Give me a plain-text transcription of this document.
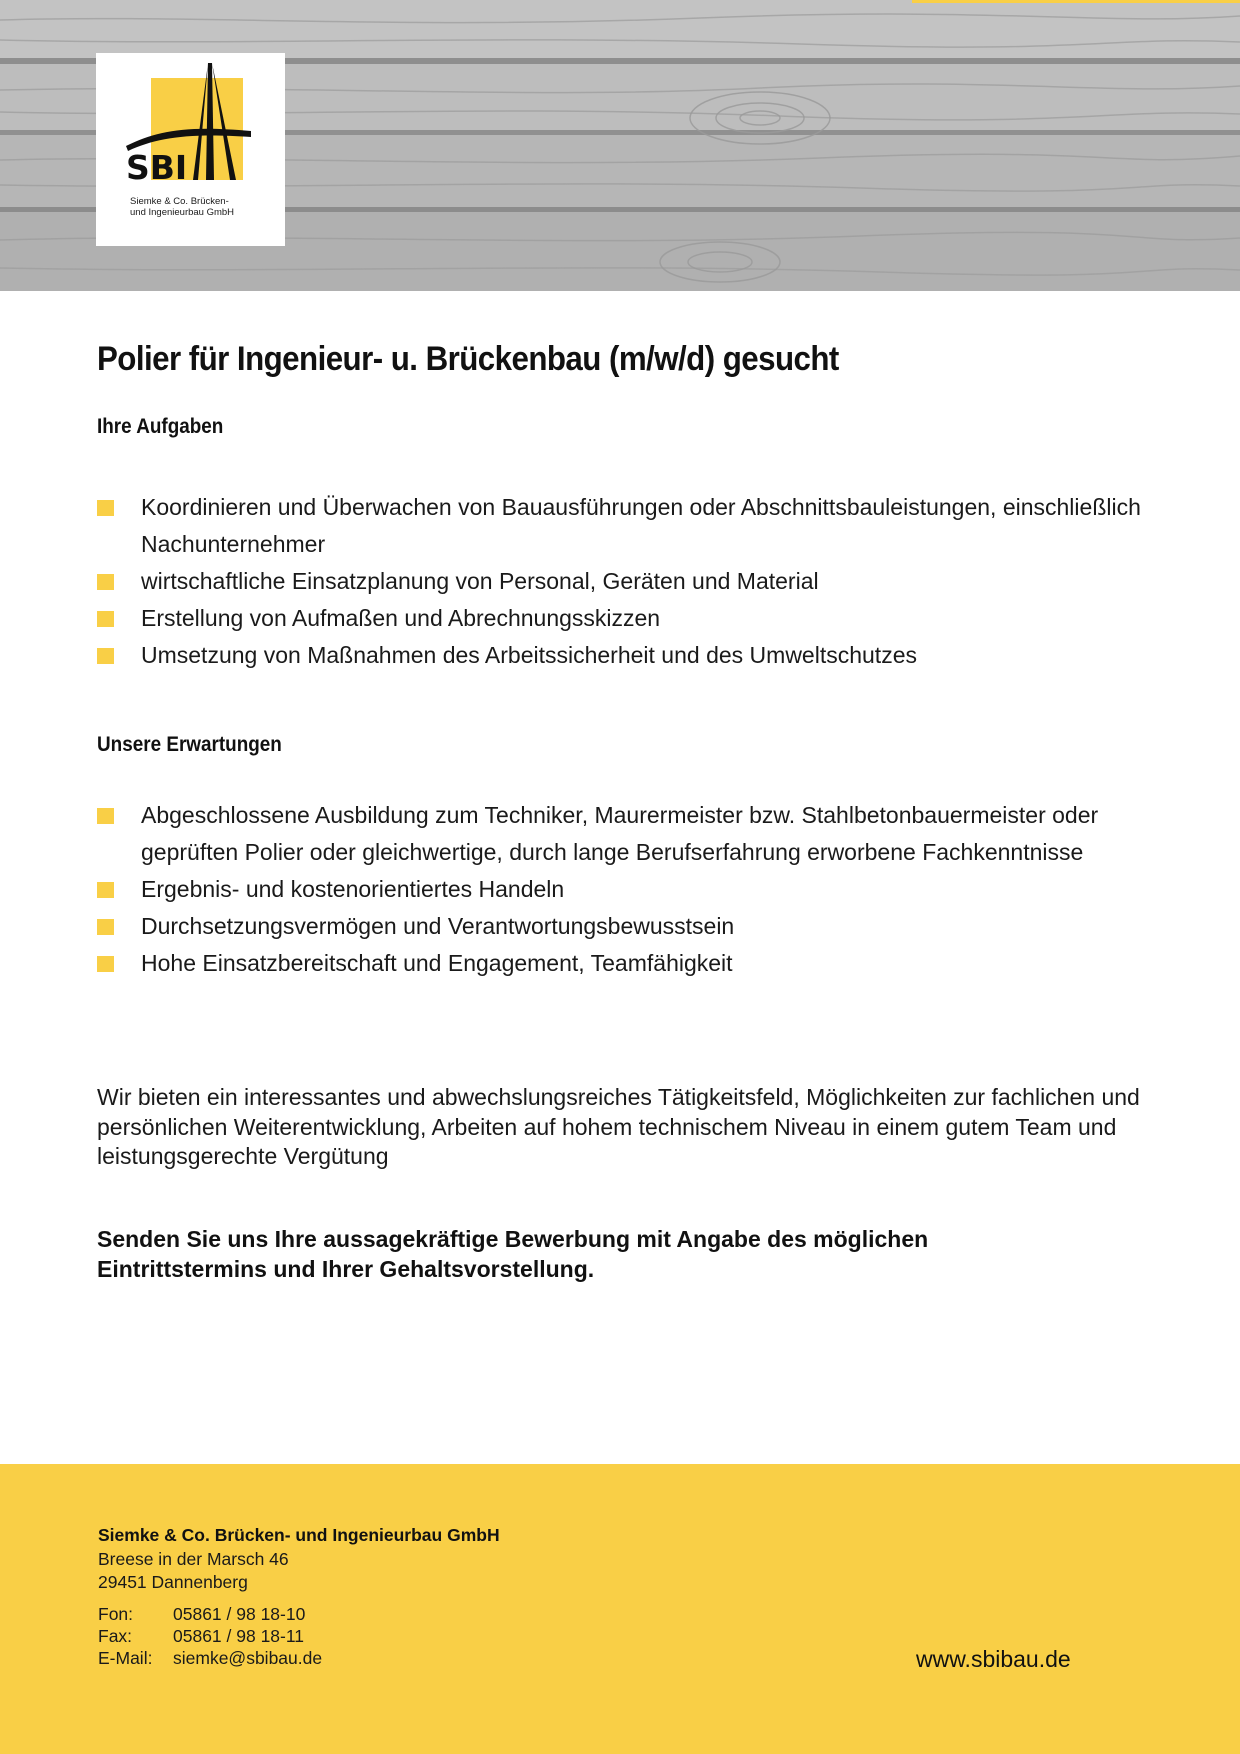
SBI
Siemke & Co. Brücken-
und Ingenieurbau GmbH
Polier für Ingenieur- u. Brückenbau (m/w/d) gesucht
Ihre Aufgaben
Koordinieren und Überwachen von Bauausführungen oder Abschnittsbauleistungen, einschließlich Nachunternehmer
wirtschaftliche Einsatzplanung von Personal, Geräten und Material
Erstellung von Aufmaßen und Abrechnungsskizzen
Umsetzung von Maßnahmen des Arbeitssicherheit und des Umweltschutzes
Unsere Erwartungen
Abgeschlossene Ausbildung zum Techniker, Maurermeister bzw. Stahlbetonbauermeister oder geprüften Polier oder gleichwertige, durch lange Berufserfahrung erworbene Fachkenntnisse
Ergebnis- und kostenorientiertes Handeln
Durchsetzungsvermögen und Verantwortungsbewusstsein
Hohe Einsatzbereitschaft und Engagement, Teamfähigkeit

Wir bieten ein interessantes und abwechslungsreiches Tätigkeitsfeld, Möglichkeiten zur fachlichen und persönlichen Weiterentwicklung, Arbeiten auf hohem technischem Niveau in einem gutem Team und leistungsgerechte Vergütung

Senden Sie uns Ihre aussagekräftige Bewerbung mit Angabe des möglichen Eintrittstermins und Ihrer Gehaltsvorstellung.

Siemke & Co. Brücken- und Ingenieurbau GmbH

Breese in der Marsch 46

29451 Dannenberg

Fon: 05861 / 98 18-10
Fax: 05861 / 98 18-11
E-Mail: siemke@sbibau.de	www.sbibau.de
